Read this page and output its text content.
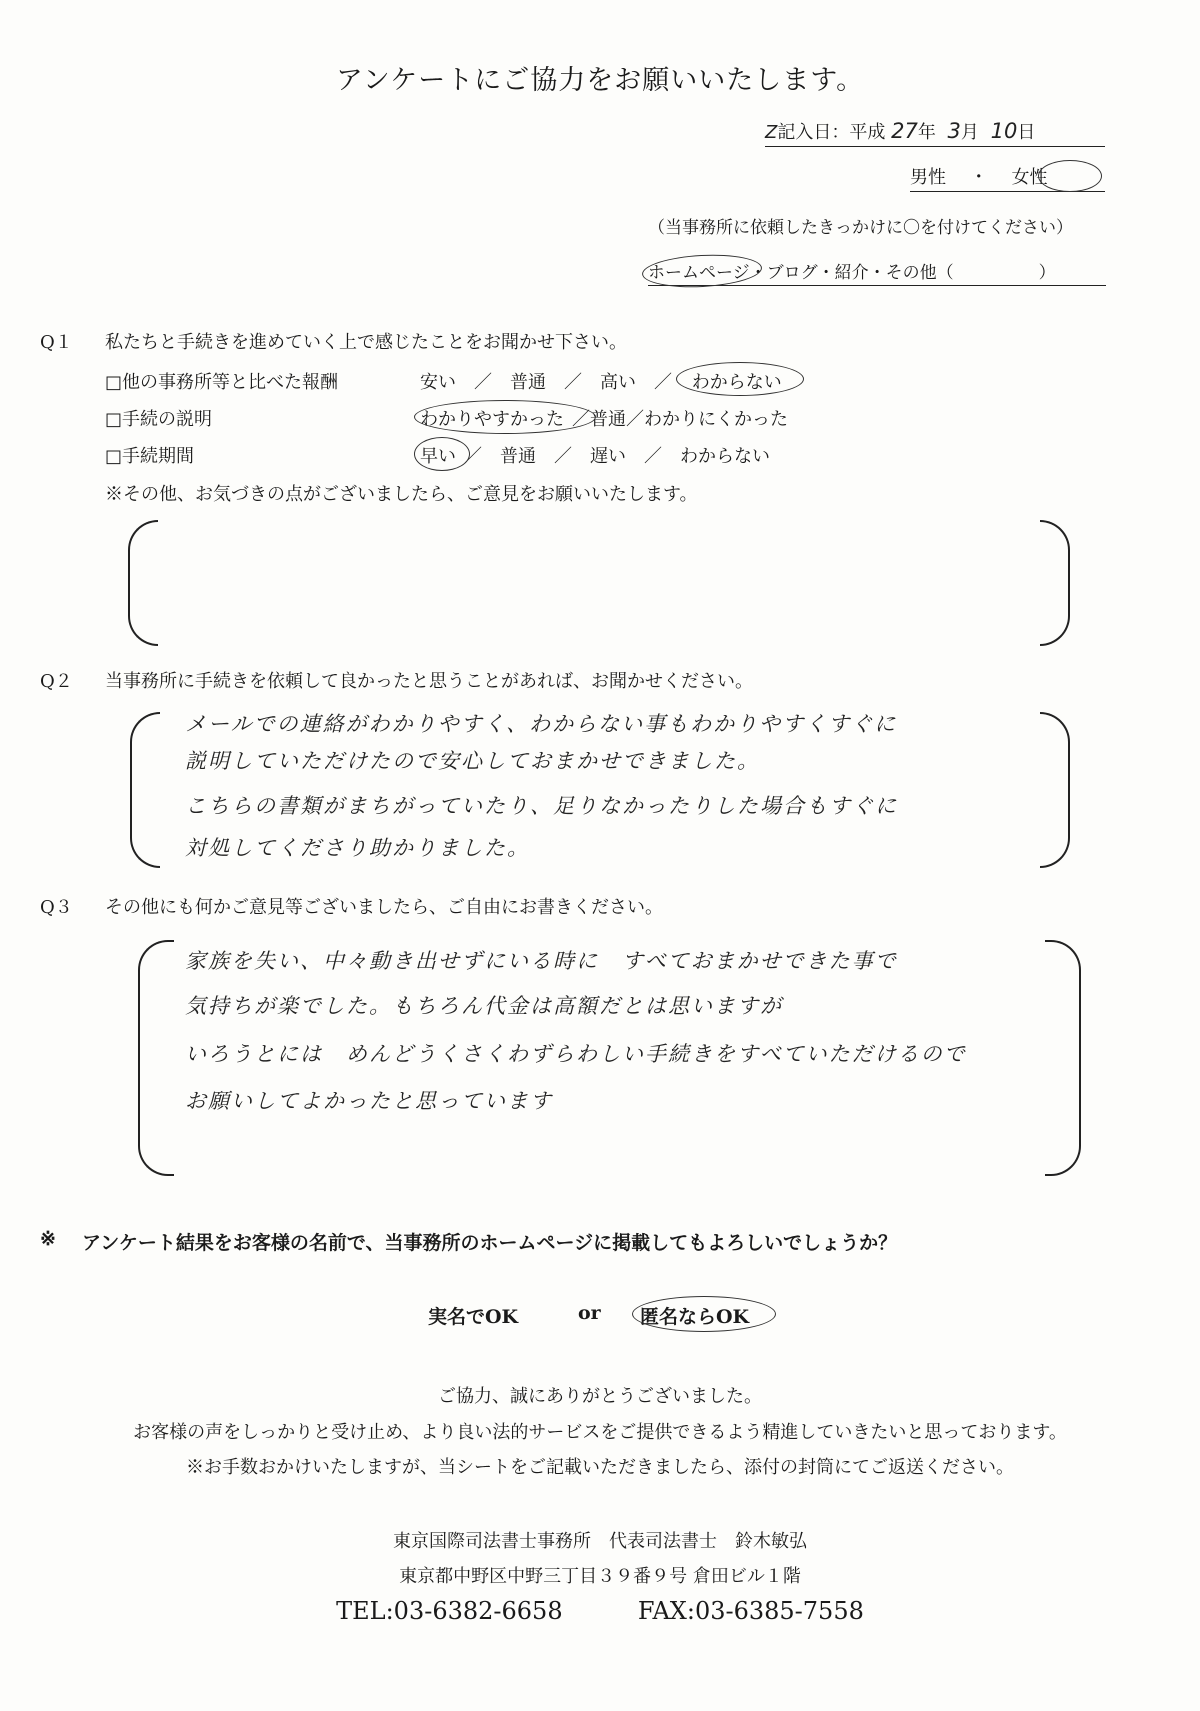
アンケートにご協力をお願いいたします。
Z記入日：平成 27年 3月 10日
男性 ・ 女性
（当事務所に依頼したきっかけに〇を付けてください）
ホームページ・ブログ・紹介・その他（　　　　　）
Q１ 私たちと手続きを進めていく上で感じたことをお聞かせ下さい。
□他の事務所等と比べた報酬	安い　／　普通　／　高い　／ わからない
□手続の説明	わかりやすかった ／普通／わかりにくかった
□手続期間	早い ／　普通　／　遅い　／　わからない
※その他、お気づきの点がございましたら、ご意見をお願いいたします。
Q２ 当事務所に手続きを依頼して良かったと思うことがあれば、お聞かせください。
メールでの連絡がわかりやすく、わからない事もわかりやすくすぐに
説明していただけたので安心しておまかせできました。
こちらの書類がまちがっていたり、足りなかったりした場合もすぐに
対処してくださり助かりました。
Q３ その他にも何かご意見等ございましたら、ご自由にお書きください。
家族を失い、中々動き出せずにいる時に　すべておまかせできた事で
気持ちが楽でした。もちろん代金は高額だとは思いますが
いろうとには　めんどうくさくわずらわしい手続きをすべていただけるので
お願いしてよかったと思っています
※ アンケート結果をお客様の名前で、当事務所のホームページに掲載してもよろしいでしょうか？
実名でOK	or 匿名ならOK
ご協力、誠にありがとうございました。
お客様の声をしっかりと受け止め、より良い法的サービスをご提供できるよう精進していきたいと思っております。
※お手数おかけいたしますが、当シートをご記載いただきましたら、添付の封筒にてご返送ください。
東京国際司法書士事務所　代表司法書士　鈴木敏弘
東京都中野区中野三丁目３９番９号 倉田ビル１階
TEL:03-6382-6658	FAX:03-6385-7558
